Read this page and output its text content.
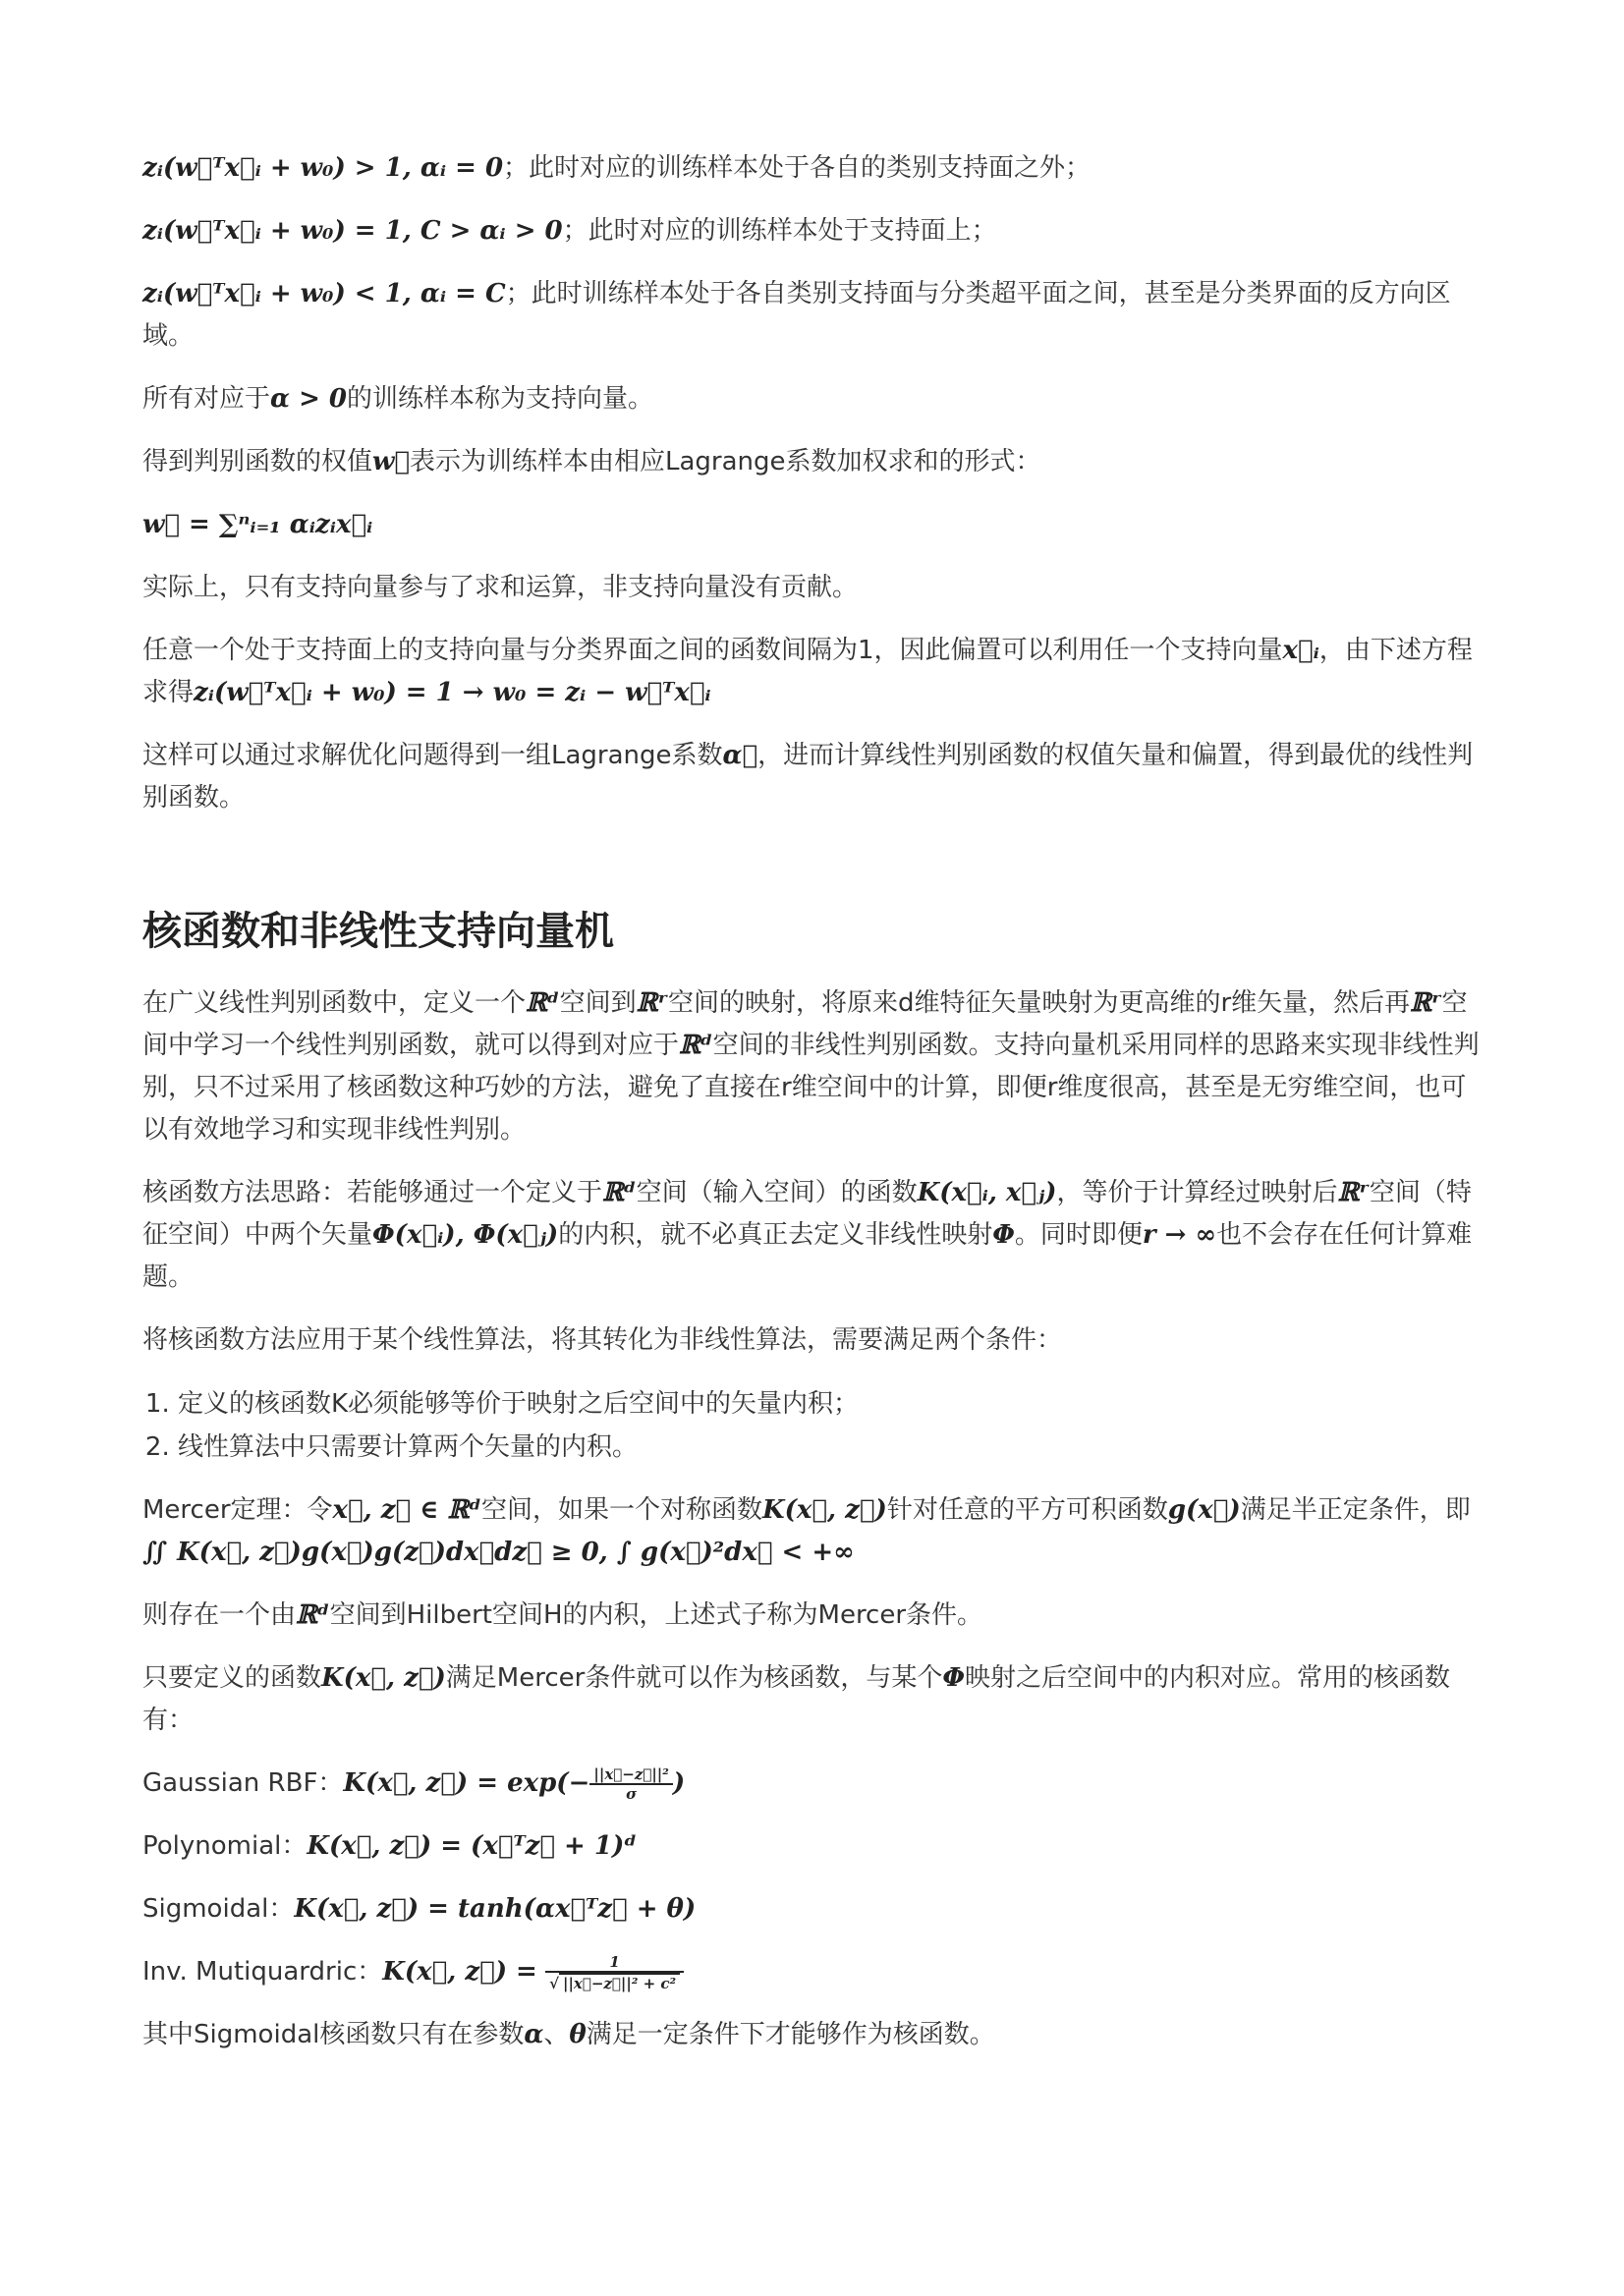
zᵢ(w⃗ᵀx⃗ᵢ + w₀) > 1, αᵢ = 0；此时对应的训练样本处于各自的类别支持面之外；

zᵢ(w⃗ᵀx⃗ᵢ + w₀) = 1, C > αᵢ > 0；此时对应的训练样本处于支持面上；

zᵢ(w⃗ᵀx⃗ᵢ + w₀) < 1, αᵢ = C；此时训练样本处于各自类别支持面与分类超平面之间，甚至是分类界面的反方向区域。

所有对应于α > 0的训练样本称为支持向量。

得到判别函数的权值w⃗表示为训练样本由相应Lagrange系数加权求和的形式：

w⃗ = ∑ⁿᵢ₌₁ αᵢzᵢx⃗ᵢ

实际上，只有支持向量参与了求和运算，非支持向量没有贡献。

任意一个处于支持面上的支持向量与分类界面之间的函数间隔为1，因此偏置可以利用任一个支持向量x⃗ᵢ，由下述方程求得zᵢ(w⃗ᵀx⃗ᵢ + w₀) = 1 → w₀ = zᵢ − w⃗ᵀx⃗ᵢ

这样可以通过求解优化问题得到一组Lagrange系数α⃗，进而计算线性判别函数的权值矢量和偏置，得到最优的线性判别函数。

核函数和非线性支持向量机

在广义线性判别函数中，定义一个ℝᵈ空间到ℝʳ空间的映射，将原来d维特征矢量映射为更高维的r维矢量，然后再ℝʳ空间中学习一个线性判别函数，就可以得到对应于ℝᵈ空间的非线性判别函数。支持向量机采用同样的思路来实现非线性判别，只不过采用了核函数这种巧妙的方法，避免了直接在r维空间中的计算，即便r维度很高，甚至是无穷维空间，也可以有效地学习和实现非线性判别。

核函数方法思路：若能够通过一个定义于ℝᵈ空间（输入空间）的函数K(x⃗ᵢ, x⃗ⱼ)，等价于计算经过映射后ℝʳ空间（特征空间）中两个矢量Φ(x⃗ᵢ), Φ(x⃗ⱼ)的内积，就不必真正去定义非线性映射Φ。同时即便r → ∞也不会存在任何计算难题。

将核函数方法应用于某个线性算法，将其转化为非线性算法，需要满足两个条件：

1. 定义的核函数K必须能够等价于映射之后空间中的矢量内积；
2. 线性算法中只需要计算两个矢量的内积。

Mercer定理：令x⃗, z⃗ ∈ ℝᵈ空间，如果一个对称函数K(x⃗, z⃗)针对任意的平方可积函数g(x⃗)满足半正定条件，即∬ K(x⃗, z⃗)g(x⃗)g(z⃗)dx⃗dz⃗ ≥ 0, ∫ g(x⃗)²dx⃗ < +∞

则存在一个由ℝᵈ空间到Hilbert空间H的内积，上述式子称为Mercer条件。

只要定义的函数K(x⃗, z⃗)满足Mercer条件就可以作为核函数，与某个Φ映射之后空间中的内积对应。常用的核函数有：

Gaussian RBF：K(x⃗, z⃗) = $\exp(- \frac{\text{||x⃗−z⃗||²}}{\sigma}$ )

Polynomial：K(x⃗, z⃗) = (x⃗ᵀz⃗ + 1)ᵈ

Sigmoidal：K(x⃗, z⃗) = tanh(αx⃗ᵀz⃗ + θ)

Inv. Mutiquardric：K(x⃗, z⃗) = $\frac{1}{\text{√ ||x⃗−z⃗||² + c²}}$

其中Sigmoidal核函数只有在参数α、θ满足一定条件下才能够作为核函数。
